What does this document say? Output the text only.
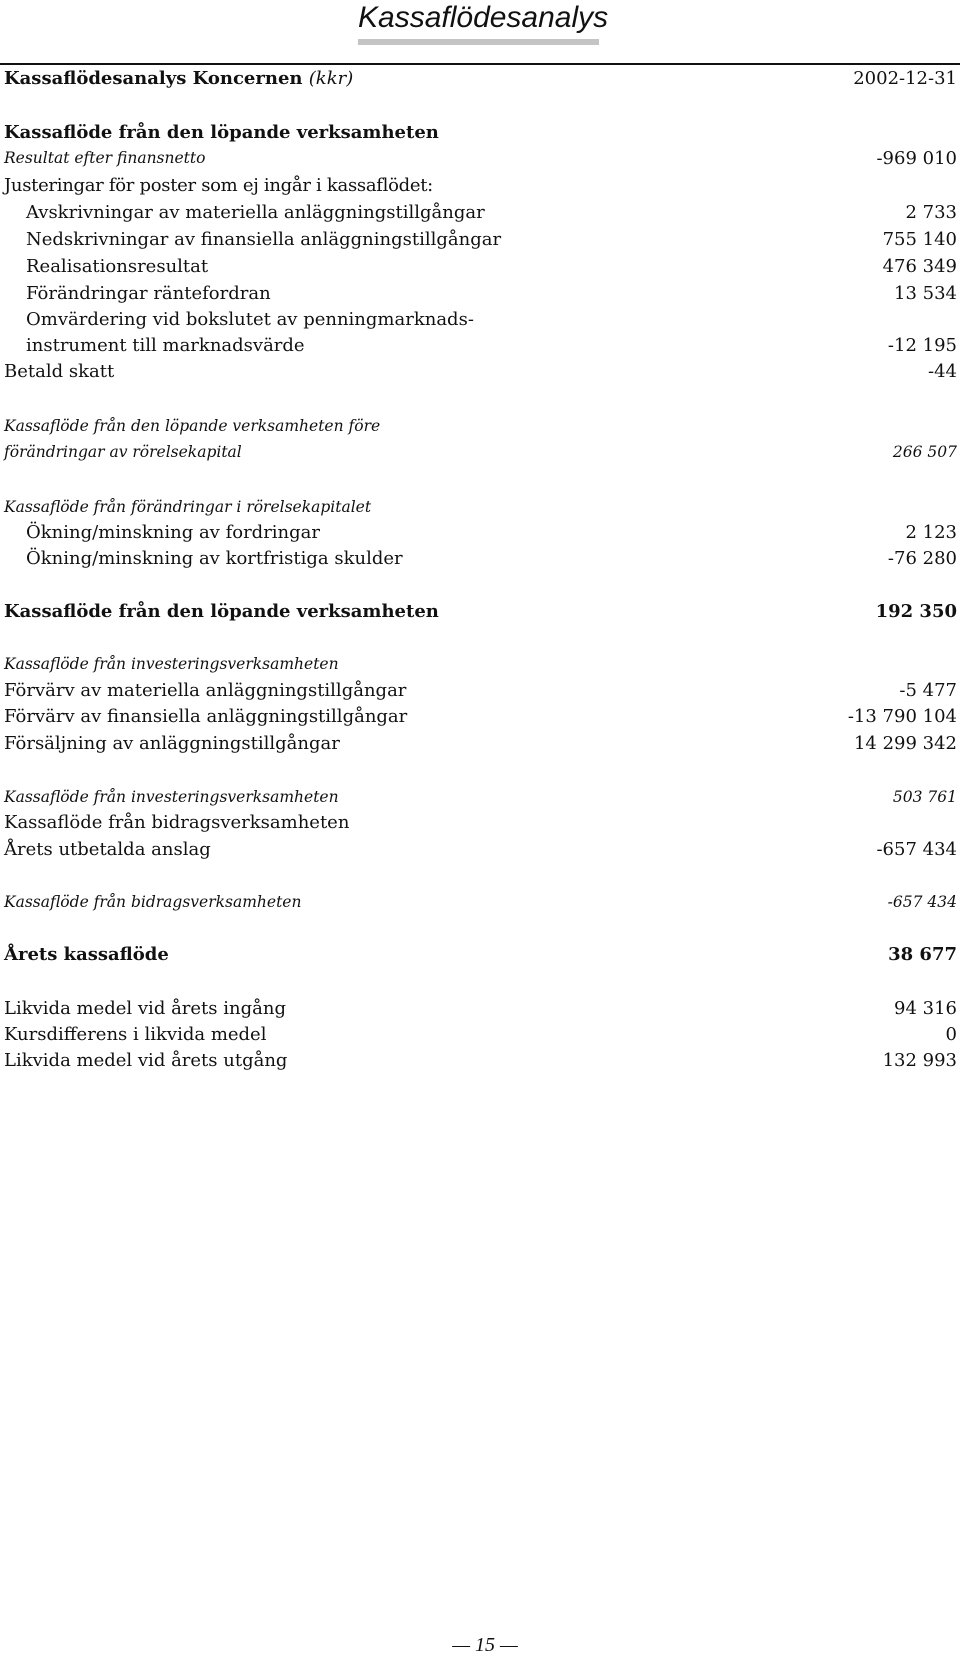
Kassaflödesanalys
Kassaflödesanalys Koncernen (kkr)	2002-12-31
Kassaflöde från den löpande verksamheten
Resultat efter finansnetto	-969 010
Justeringar för poster som ej ingår i kassaflödet:
Avskrivningar av materiella anläggningstillgångar	2 733
Nedskrivningar av finansiella anläggningstillgångar	755 140
Realisationsresultat	476 349
Förändringar räntefordran	13 534
Omvärdering vid bokslutet av penningmarknads-
instrument till marknadsvärde	-12 195
Betald skatt	-44
Kassaflöde från den löpande verksamheten före
förändringar av rörelsekapital	266 507
Kassaflöde från förändringar i rörelsekapitalet
Ökning/minskning av fordringar	2 123
Ökning/minskning av kortfristiga skulder	-76 280
Kassaflöde från den löpande verksamheten	192 350
Kassaflöde från investeringsverksamheten
Förvärv av materiella anläggningstillgångar	-5 477
Förvärv av finansiella anläggningstillgångar	-13 790 104
Försäljning av anläggningstillgångar	14 299 342
Kassaflöde från investeringsverksamheten	503 761
Kassaflöde från bidragsverksamheten
Årets utbetalda anslag	-657 434
Kassaflöde från bidragsverksamheten	-657 434
Årets kassaflöde	38 677
Likvida medel vid årets ingång	94 316
Kursdifferens i likvida medel	0
Likvida medel vid årets utgång	132 993
— 15 —
